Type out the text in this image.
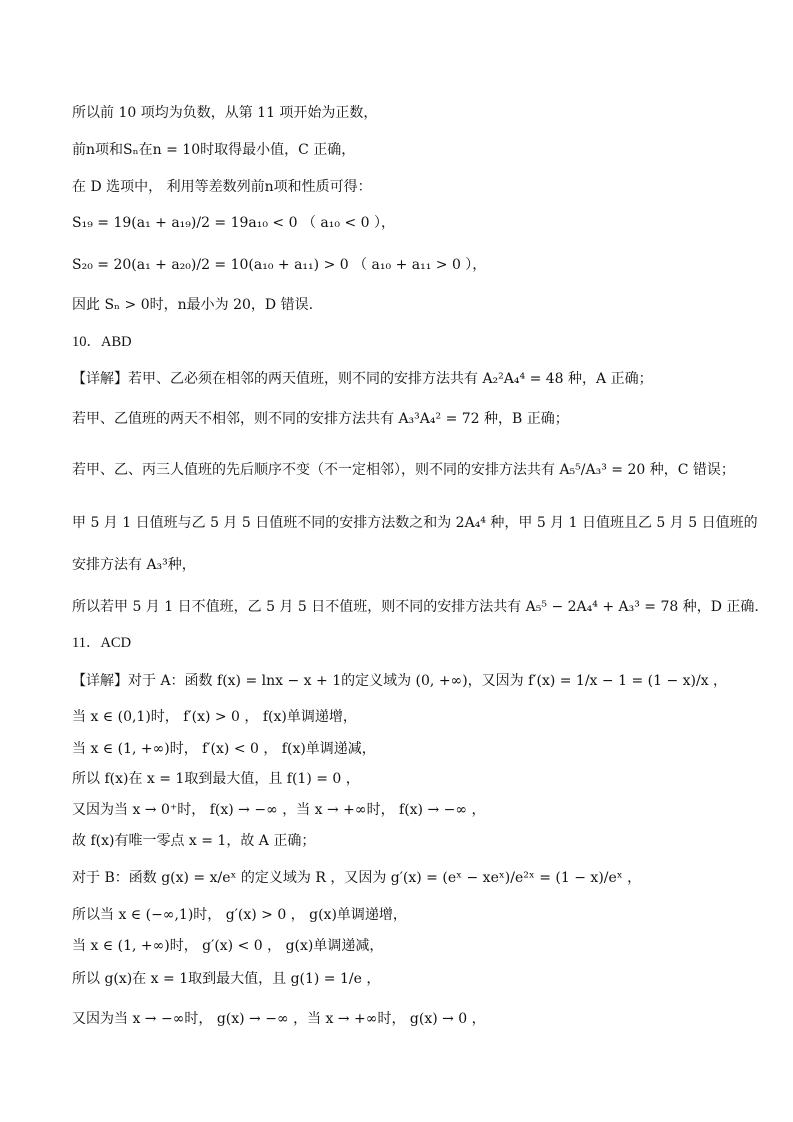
所以前 10 项均为负数，从第 11 项开始为正数，
前n项和Sₙ在n = 10时取得最小值，C 正确，
在 D 选项中， 利用等差数列前n项和性质可得：
S₁₉ = 19(a₁ + a₁₉)/2 = 19a₁₀ < 0 （ a₁₀ < 0 ），
S₂₀ = 20(a₁ + a₂₀)/2 = 10(a₁₀ + a₁₁) > 0 （ a₁₀ + a₁₁ > 0 ），
因此 Sₙ > 0时，n最小为 20，D 错误.
10．ABD
【详解】若甲、乙必须在相邻的两天值班，则不同的安排方法共有 A₂²A₄⁴ = 48 种，A 正确；
若甲、乙值班的两天不相邻，则不同的安排方法共有 A₃³A₄² = 72 种，B 正确；
若甲、乙、丙三人值班的先后顺序不变（不一定相邻），则不同的安排方法共有 A₅⁵/A₃³ = 20 种，C 错误；
甲 5 月 1 日值班与乙 5 月 5 日值班不同的安排方法数之和为 2A₄⁴ 种，甲 5 月 1 日值班且乙 5 月 5 日值班的
安排方法有 A₃³种，
所以若甲 5 月 1 日不值班，乙 5 月 5 日不值班，则不同的安排方法共有 A₅⁵ − 2A₄⁴ + A₃³ = 78 种，D 正确.
11．ACD
【详解】对于 A：函数 f(x) = lnx − x + 1的定义域为 (0, +∞)，又因为 f′(x) = 1/x − 1 = (1 − x)/x ，
当 x ∈ (0,1)时， f′(x) > 0 ， f(x)单调递增，
当 x ∈ (1, +∞)时， f′(x) < 0 ， f(x)单调递减，
所以 f(x)在 x = 1取到最大值，且 f(1) = 0 ，
又因为当 x → 0⁺时， f(x) → −∞ ，当 x → +∞时， f(x) → −∞ ，
故 f(x)有唯一零点 x = 1，故 A 正确；
对于 B：函数 g(x) = x/eˣ 的定义域为 R ，又因为 g′(x) = (eˣ − xeˣ)/e²ˣ = (1 − x)/eˣ ，
所以当 x ∈ (−∞,1)时， g′(x) > 0 ， g(x)单调递增，
当 x ∈ (1, +∞)时， g′(x) < 0 ， g(x)单调递减，
所以 g(x)在 x = 1取到最大值，且 g(1) = 1/e ，
又因为当 x → −∞时， g(x) → −∞ ，当 x → +∞时， g(x) → 0 ，
